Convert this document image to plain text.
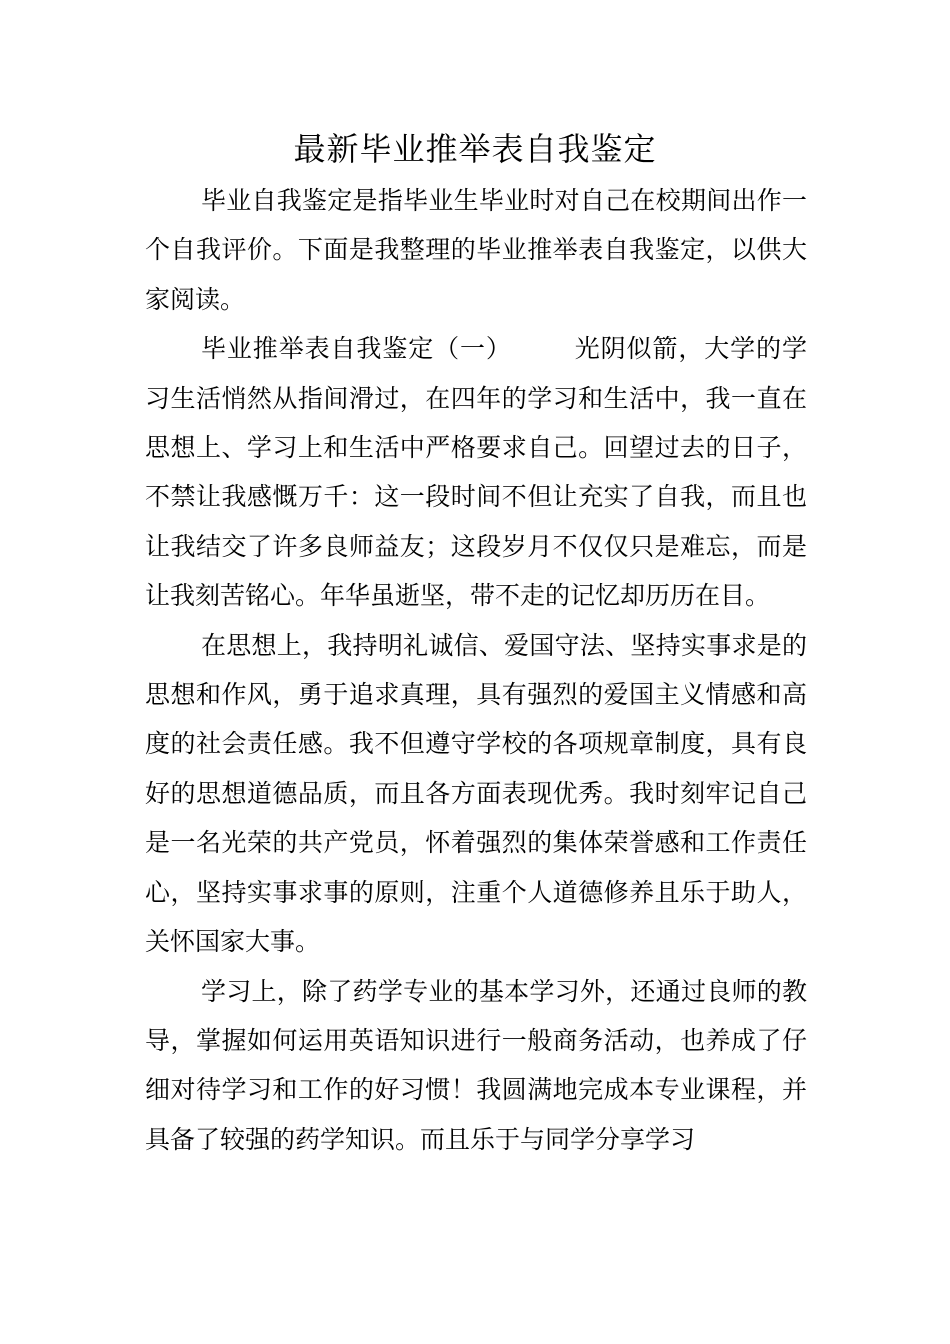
最新毕业推举表自我鉴定

毕业自我鉴定是指毕业生毕业时对自己在校期间出作一个自我评价。下面是我整理的毕业推举表自我鉴定，以供大家阅读。

毕业推举表自我鉴定（一） 光阴似箭，大学的学习生活悄然从指间滑过，在四年的学习和生活中，我一直在思想上、学习上和生活中严格要求自己。回望过去的日子，不禁让我感慨万千：这一段时间不但让充实了自我，而且也让我结交了许多良师益友；这段岁月不仅仅只是难忘，而是让我刻苦铭心。年华虽逝坚，带不走的记忆却历历在目。

在思想上，我持明礼诚信、爱国守法、坚持实事求是的思想和作风，勇于追求真理，具有强烈的爱国主义情感和高度的社会责任感。我不但遵守学校的各项规章制度，具有良好的思想道德品质，而且各方面表现优秀。我时刻牢记自己是一名光荣的共产党员，怀着强烈的集体荣誉感和工作责任心，坚持实事求事的原则，注重个人道德修养且乐于助人，关怀国家大事。

学习上，除了药学专业的基本学习外，还通过良师的教导，掌握如何运用英语知识进行一般商务活动，也养成了仔细对待学习和工作的好习惯！我圆满地完成本专业课程，并具备了较强的药学知识。而且乐于与同学分享学习
